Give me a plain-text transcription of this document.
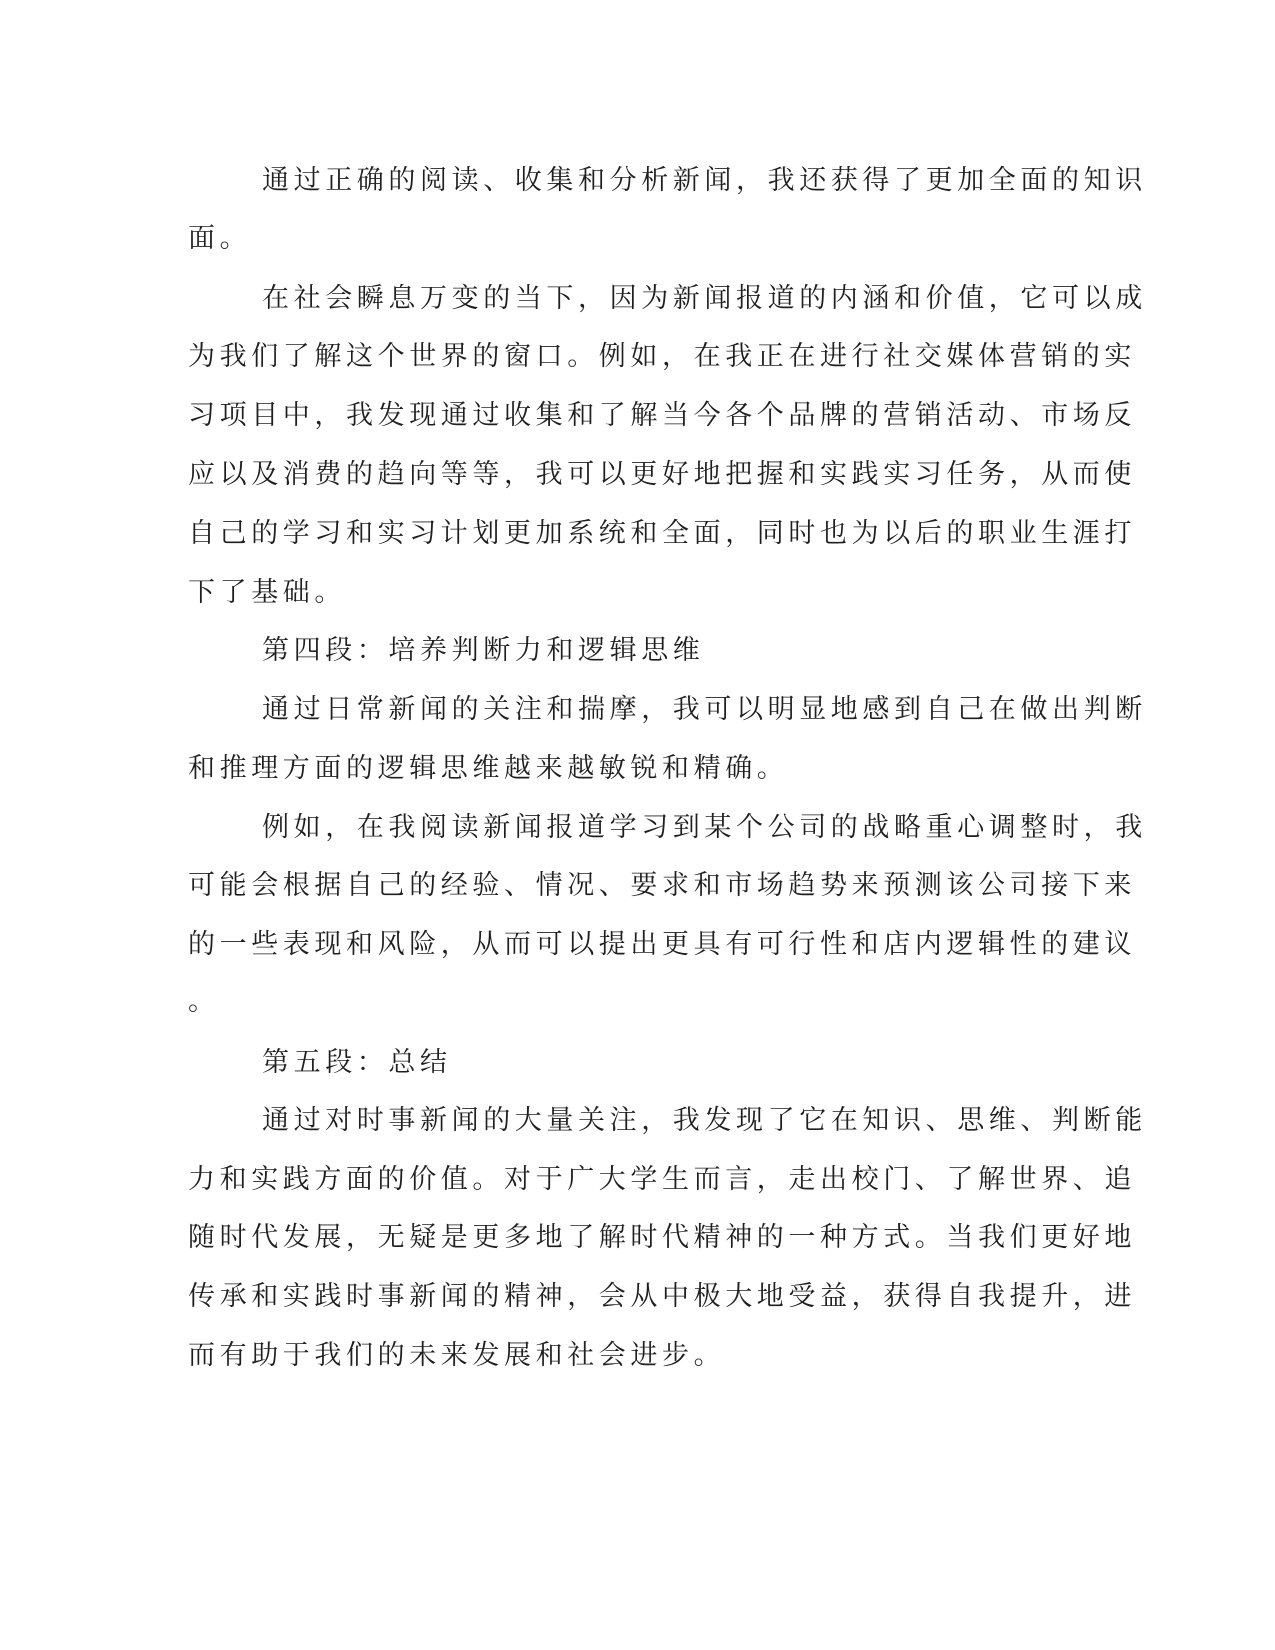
通过正确的阅读、收集和分析新闻，我还获得了更加全面的知识

面。

在社会瞬息万变的当下，因为新闻报道的内涵和价值，它可以成

为我们了解这个世界的窗口。例如，在我正在进行社交媒体营销的实

习项目中，我发现通过收集和了解当今各个品牌的营销活动、市场反

应以及消费的趋向等等，我可以更好地把握和实践实习任务，从而使

自己的学习和实习计划更加系统和全面，同时也为以后的职业生涯打

下了基础。

第四段：培养判断力和逻辑思维

通过日常新闻的关注和揣摩，我可以明显地感到自己在做出判断

和推理方面的逻辑思维越来越敏锐和精确。

例如，在我阅读新闻报道学习到某个公司的战略重心调整时，我

可能会根据自己的经验、情况、要求和市场趋势来预测该公司接下来

的一些表现和风险，从而可以提出更具有可行性和店内逻辑性的建议

。

第五段：总结

通过对时事新闻的大量关注，我发现了它在知识、思维、判断能

力和实践方面的价值。对于广大学生而言，走出校门、了解世界、追

随时代发展，无疑是更多地了解时代精神的一种方式。当我们更好地

传承和实践时事新闻的精神，会从中极大地受益，获得自我提升，进

而有助于我们的未来发展和社会进步。
